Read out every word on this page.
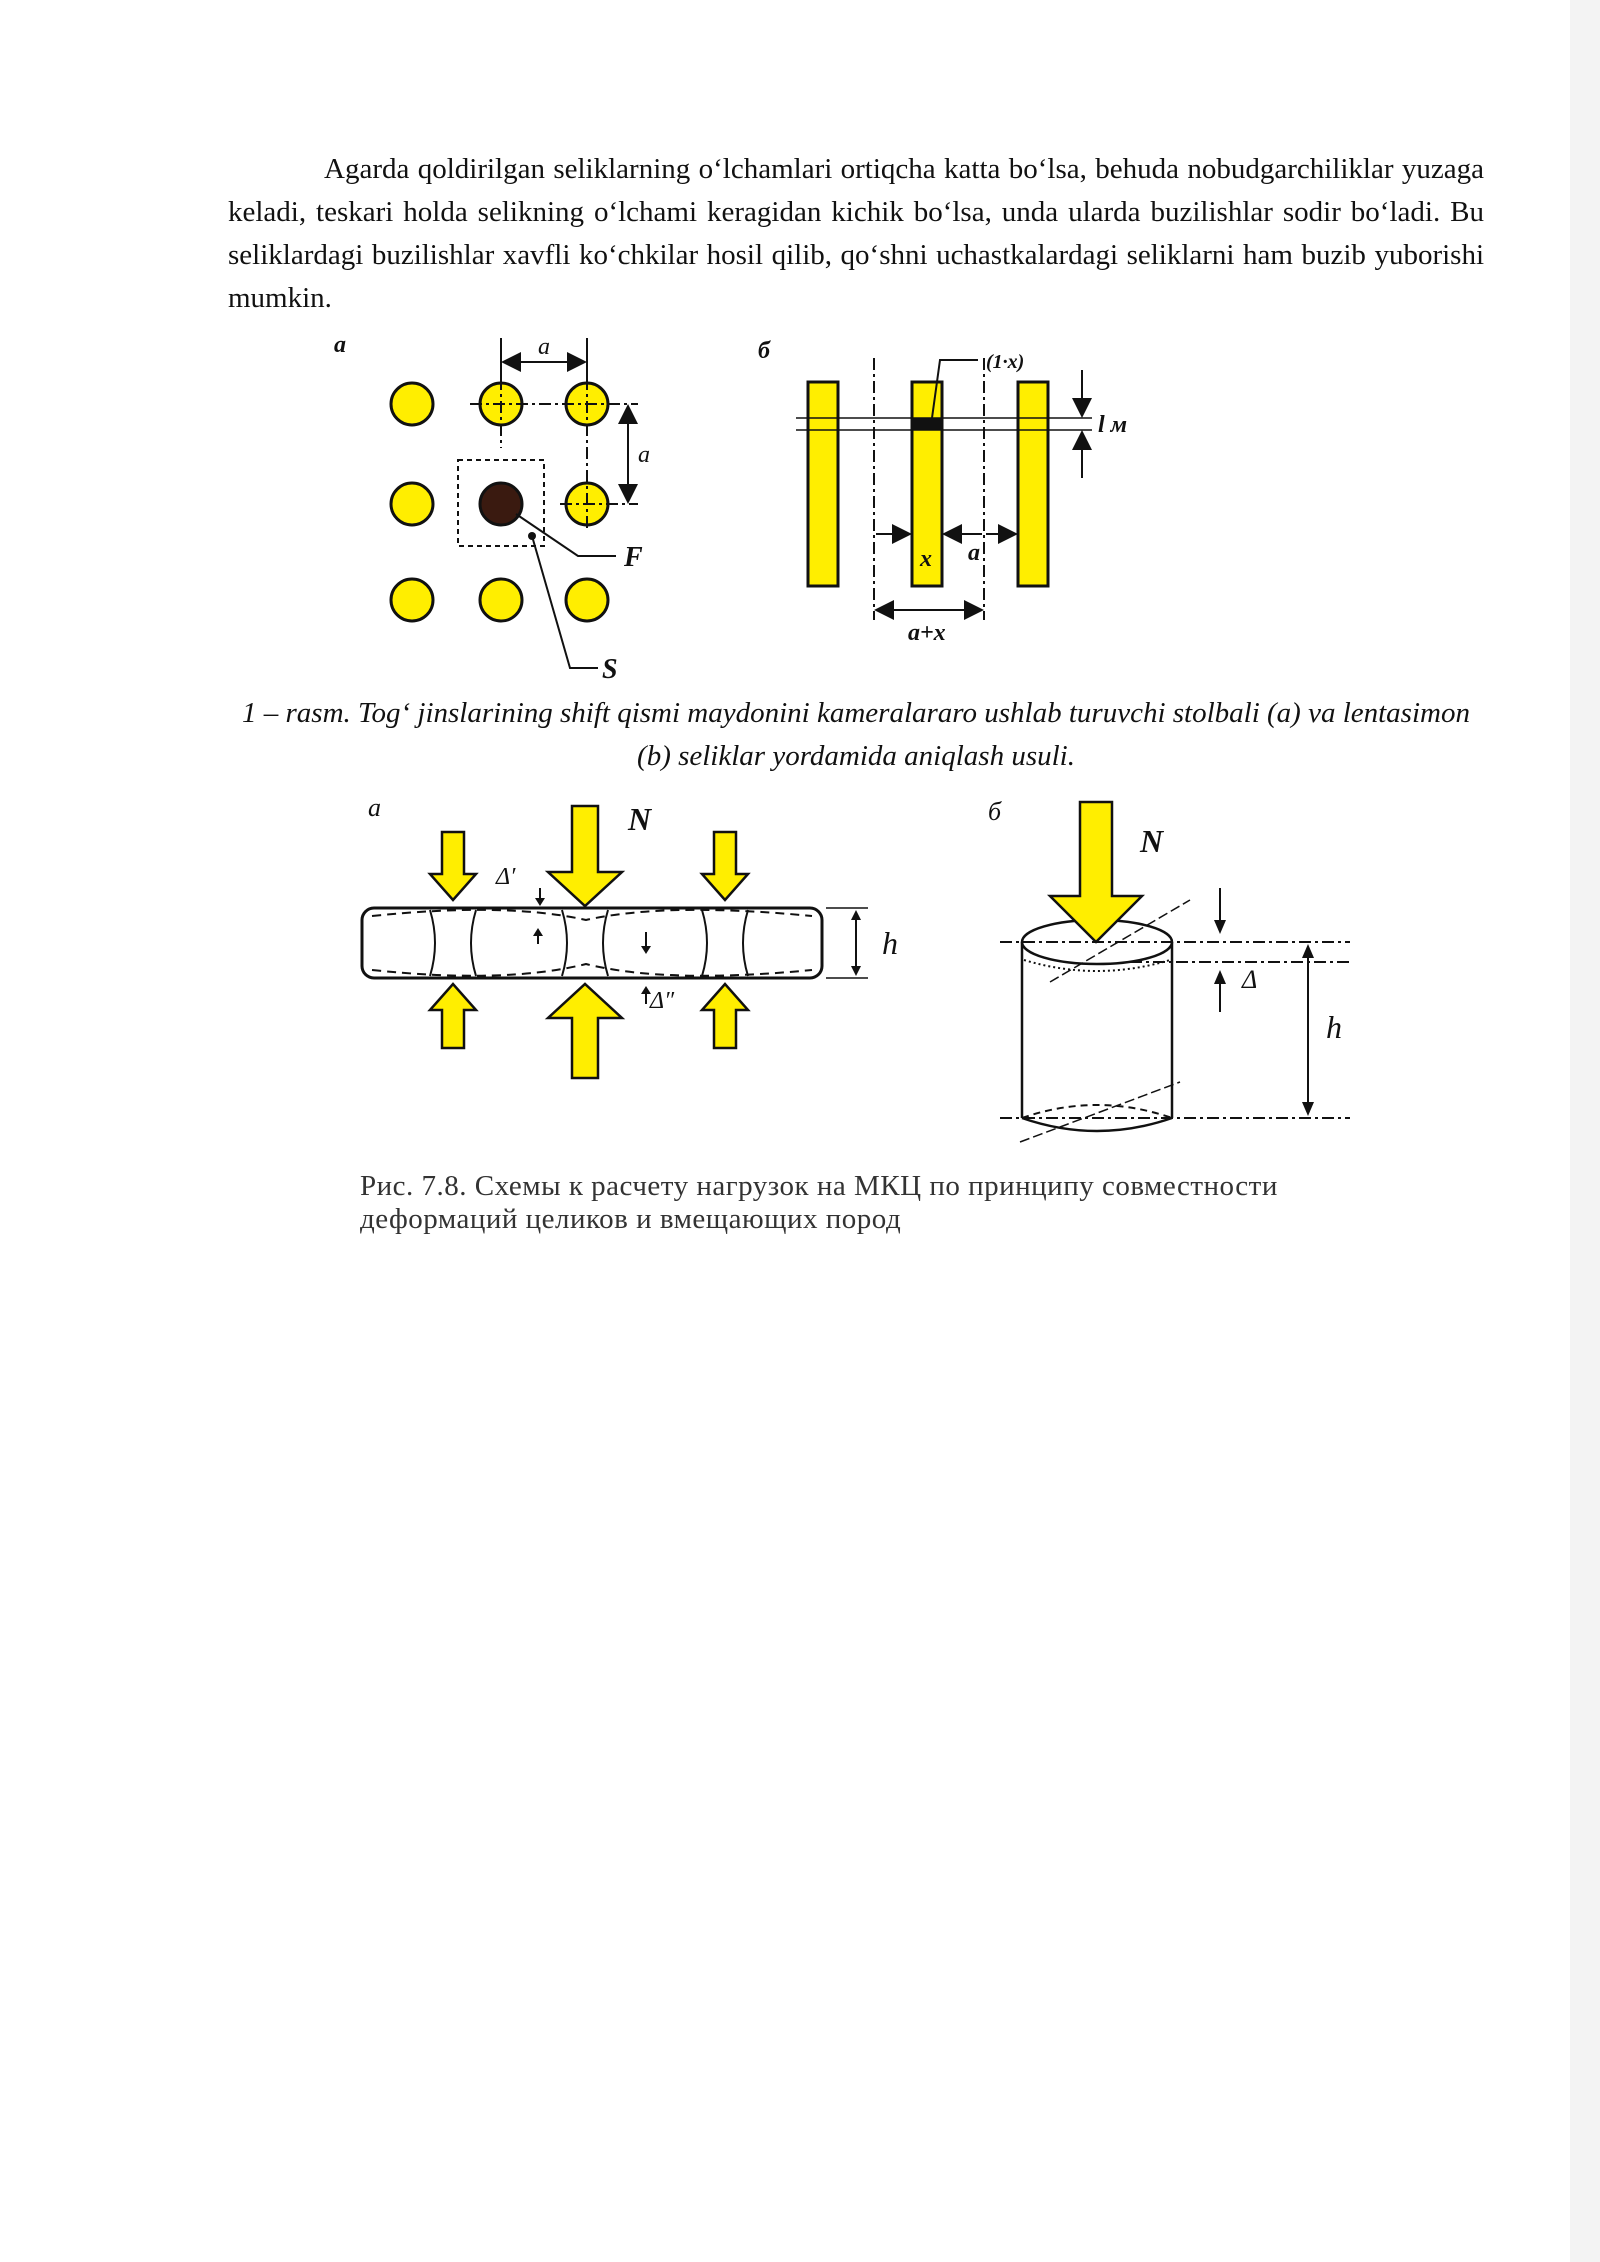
Agarda qoldirilgan seliklarning o‘lchamlari ortiqcha katta bo‘lsa, behuda nobudgarchiliklar yuzaga keladi, teskari holda selikning o‘lchami keragidan kichik bo‘lsa, unda ularda buzilishlar sodir bo‘ladi. Bu seliklardagi buzilishlar xavfli ko‘chkilar hosil qilib, qo‘shni uchastkalardagi seliklarni ham buzib yuborishi mumkin.

a	a
a
F
S
б	(1·x)
l м
x a
a+x

1 – rasm. Tog‘ jinslarining shift qismi maydonini kameralararo ushlab turuvchi stolbali (a) va lentasimon (b) seliklar yordamida aniqlash usuli.

а	N
Δ′
Δ″
h
б
N
Δ
h

Рис. 7.8. Схемы к расчету нагрузок на МКЦ по принципу совместности деформаций целиков и вмещающих пород
